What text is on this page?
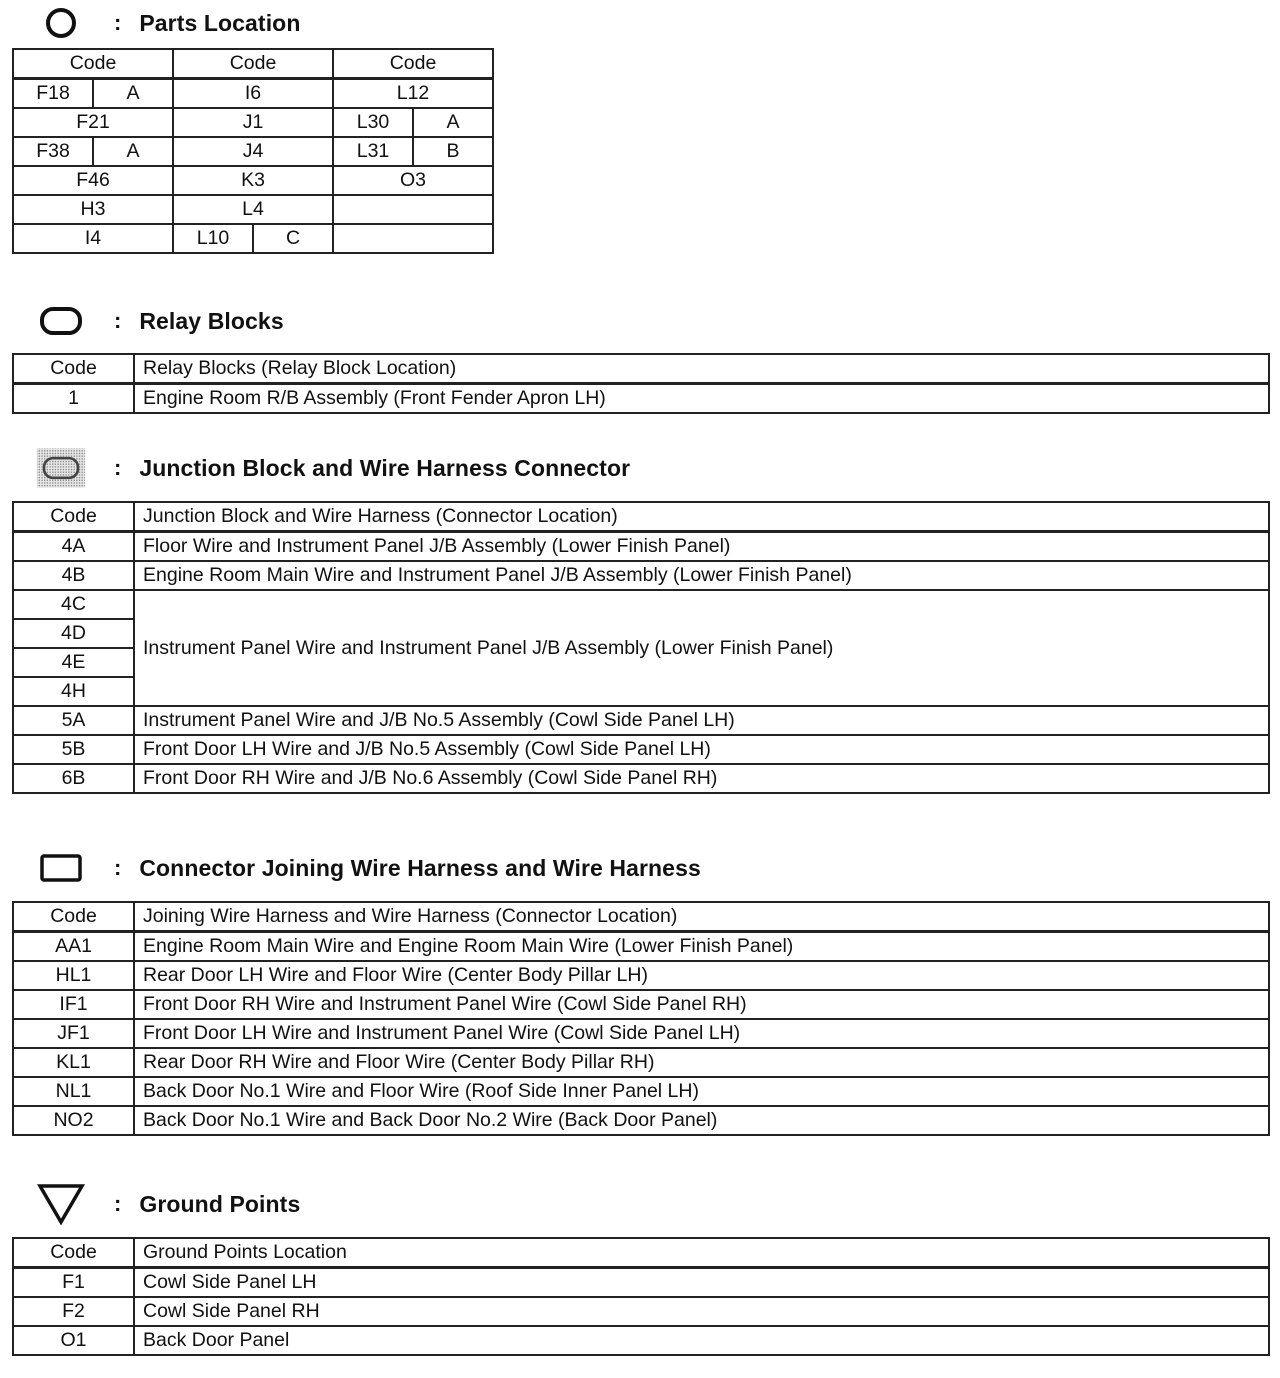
: Parts Location
Code		Code		Code	
F18	A	I6		L12	
F21		J1		L30	A
F38	A	J4		L31	B
F46		K3		O3	
H3		L4			
I4		L10	C		
: Relay Blocks
Code	Relay Blocks (Relay Block Location)
1	Engine Room R/B Assembly (Front Fender Apron LH)
: Junction Block and Wire Harness Connector
Code	Junction Block and Wire Harness (Connector Location)
4A	Floor Wire and Instrument Panel J/B Assembly (Lower Finish Panel)
4B	Engine Room Main Wire and Instrument Panel J/B Assembly (Lower Finish Panel)
4C	Instrument Panel Wire and Instrument Panel J/B Assembly (Lower Finish Panel)
4D	
4E	
4H	
5A	Instrument Panel Wire and J/B No.5 Assembly (Cowl Side Panel LH)
5B	Front Door LH Wire and J/B No.5 Assembly (Cowl Side Panel LH)
6B	Front Door RH Wire and J/B No.6 Assembly (Cowl Side Panel RH)
: Connector Joining Wire Harness and Wire Harness
Code	Joining Wire Harness and Wire Harness (Connector Location)
AA1	Engine Room Main Wire and Engine Room Main Wire (Lower Finish Panel)
HL1	Rear Door LH Wire and Floor Wire (Center Body Pillar LH)
IF1	Front Door RH Wire and Instrument Panel Wire (Cowl Side Panel RH)
JF1	Front Door LH Wire and Instrument Panel Wire (Cowl Side Panel LH)
KL1	Rear Door RH Wire and Floor Wire (Center Body Pillar RH)
NL1	Back Door No.1 Wire and Floor Wire (Roof Side Inner Panel LH)
NO2	Back Door No.1 Wire and Back Door No.2 Wire (Back Door Panel)
: Ground Points
Code	Ground Points Location
F1	Cowl Side Panel LH
F2	Cowl Side Panel RH
O1	Back Door Panel
